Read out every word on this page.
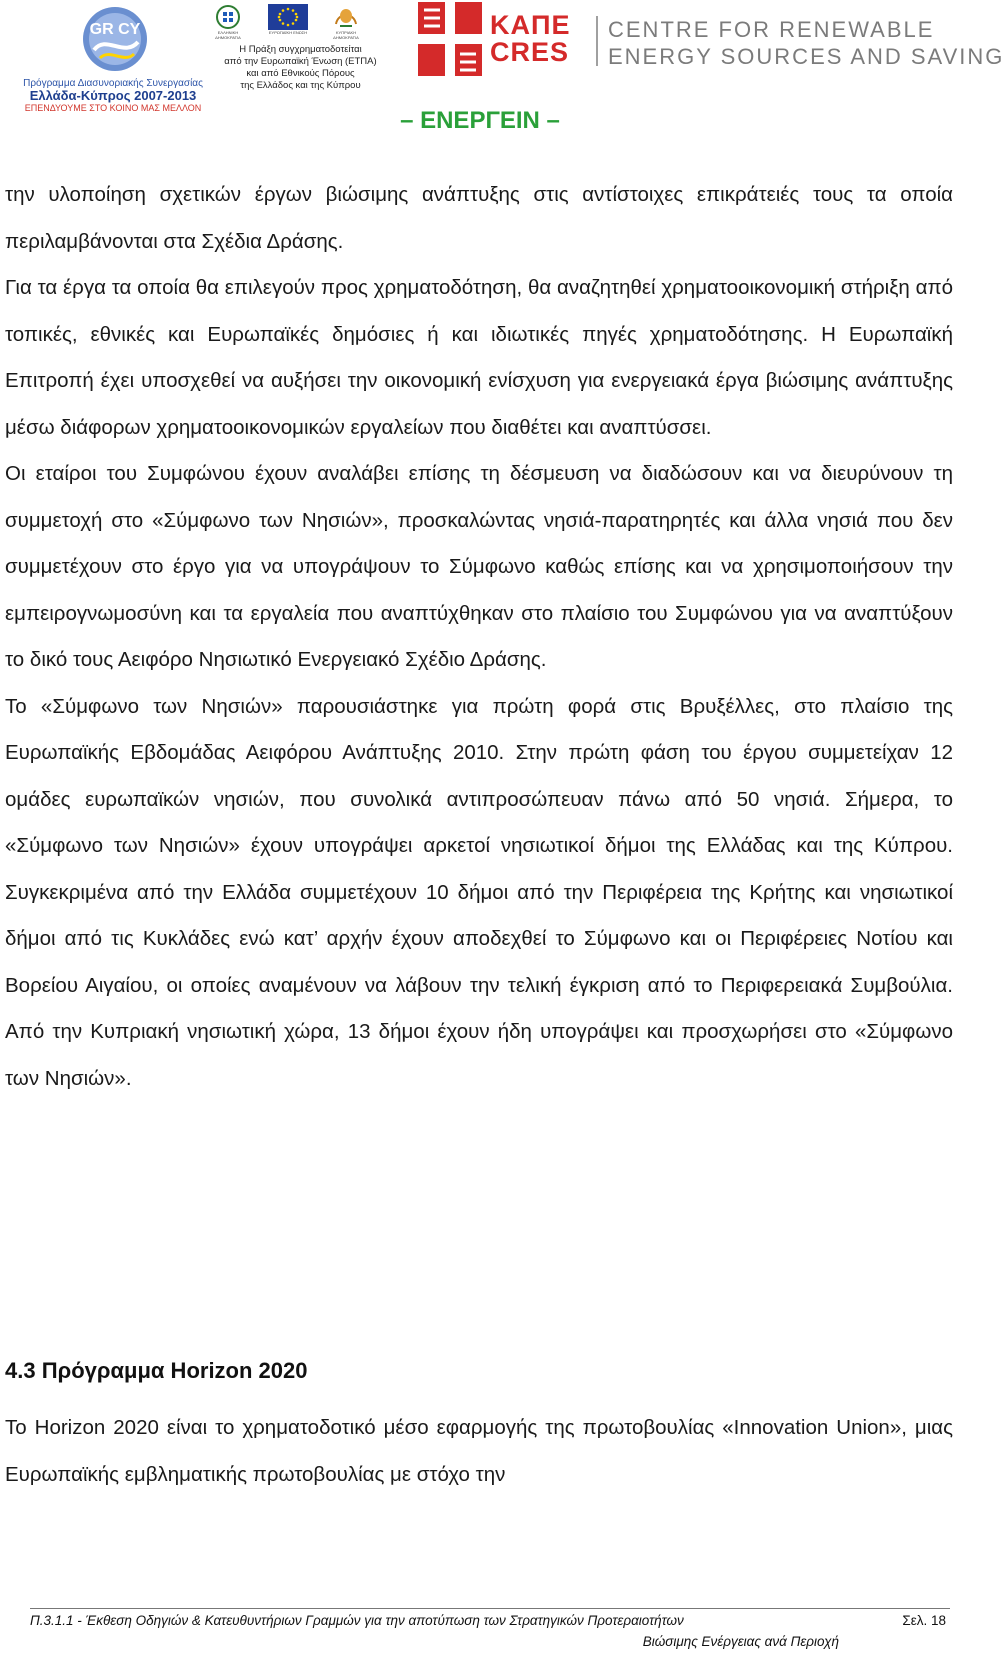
GR CY
Πρόγραμμα Διασυνοριακής Συνεργασίας
Ελλάδα-Κύπρος 2007-2013
ΕΠΕΝΔΥΟΥΜΕ ΣΤΟ ΚΟΙΝΟ ΜΑΣ ΜΕΛΛΟΝ
ΕΛΛΗΝΙΚΗ ΔΗΜΟΚΡΑΤΙΑ
ΕΥΡΩΠΑΪΚΗ ΕΝΩΣΗ	ΚΥΠΡΙΑΚΗ ΔΗΜΟΚΡΑΤΙΑ
Η Πράξη συγχρηματοδοτείται
από την Ευρωπαϊκή Ένωση (ΕΤΠΑ)
και από Εθνικούς Πόρους
της Ελλάδος και της Κύπρου
ΚΑΠΕ
CRES
CENTRE FOR RENEWABLE
ENERGY SOURCES AND SAVING
– ΕΝΕΡΓΕΙΝ –

την υλοποίηση σχετικών έργων βιώσιμης ανάπτυξης στις αντίστοιχες επικράτειές τους τα οποία περιλαμβάνονται στα Σχέδια Δράσης.

Για τα έργα τα οποία θα επιλεγούν προς χρηματοδότηση, θα αναζητηθεί χρηματοοικονομική στήριξη από τοπικές, εθνικές και Ευρωπαϊκές δημόσιες ή και ιδιωτικές πηγές χρηματοδότησης. Η Ευρωπαϊκή Επιτροπή έχει υποσχεθεί να αυξήσει την οικονομική ενίσχυση για ενεργειακά έργα βιώσιμης ανάπτυξης μέσω διάφορων χρηματοοικονομικών εργαλείων που διαθέτει και αναπτύσσει.

Οι εταίροι του Συμφώνου έχουν αναλάβει επίσης τη δέσμευση να διαδώσουν και να διευρύνουν τη συμμετοχή στο «Σύμφωνο των Νησιών», προσκαλώντας νησιά-παρατηρητές και άλλα νησιά που δεν συμμετέχουν στο έργο για να υπογράψουν το Σύμφωνο καθώς επίσης και να χρησιμοποιήσουν την εμπειρογνωμοσύνη και τα εργαλεία που αναπτύχθηκαν στο πλαίσιο του Συμφώνου για να αναπτύξουν το δικό τους Αειφόρο Νησιωτικό Ενεργειακό Σχέδιο Δράσης.

Το «Σύμφωνο των Νησιών» παρουσιάστηκε για πρώτη φορά στις Βρυξέλλες, στο πλαίσιο της Ευρωπαϊκής Εβδομάδας Αειφόρου Ανάπτυξης 2010. Στην πρώτη φάση του έργου συμμετείχαν 12 ομάδες ευρωπαϊκών νησιών, που συνολικά αντιπροσώπευαν πάνω από 50 νησιά. Σήμερα, το «Σύμφωνο των Νησιών» έχουν υπογράψει αρκετοί νησιωτικοί δήμοι της Ελλάδας και της Κύπρου. Συγκεκριμένα από την Ελλάδα συμμετέχουν 10 δήμοι από την Περιφέρεια της Κρήτης και νησιωτικοί δήμοι από τις Κυκλάδες ενώ κατ’ αρχήν έχουν αποδεχθεί το Σύμφωνο και οι Περιφέρειες Νοτίου και Βορείου Αιγαίου, οι οποίες αναμένουν να λάβουν την τελική έγκριση από το Περιφερειακά Συμβούλια. Από την Κυπριακή νησιωτική χώρα, 13 δήμοι έχουν ήδη υπογράψει και προσχωρήσει στο «Σύμφωνο των Νησιών».

4.3 Πρόγραμμα Horizon 2020

Το Horizon 2020 είναι το χρηματοδοτικό μέσο εφαρμογής της πρωτοβουλίας «Innovation Union», μιας Ευρωπαϊκής εμβληματικής πρωτοβουλίας με στόχο την

Π.3.1.1 - Έκθεση Οδηγιών & Κατευθυντήριων Γραμμών για την αποτύπωση των Στρατηγικών Προτεραιοτήτων
Βιώσιμης Ενέργειας ανά Περιοχή
Σελ. 18
